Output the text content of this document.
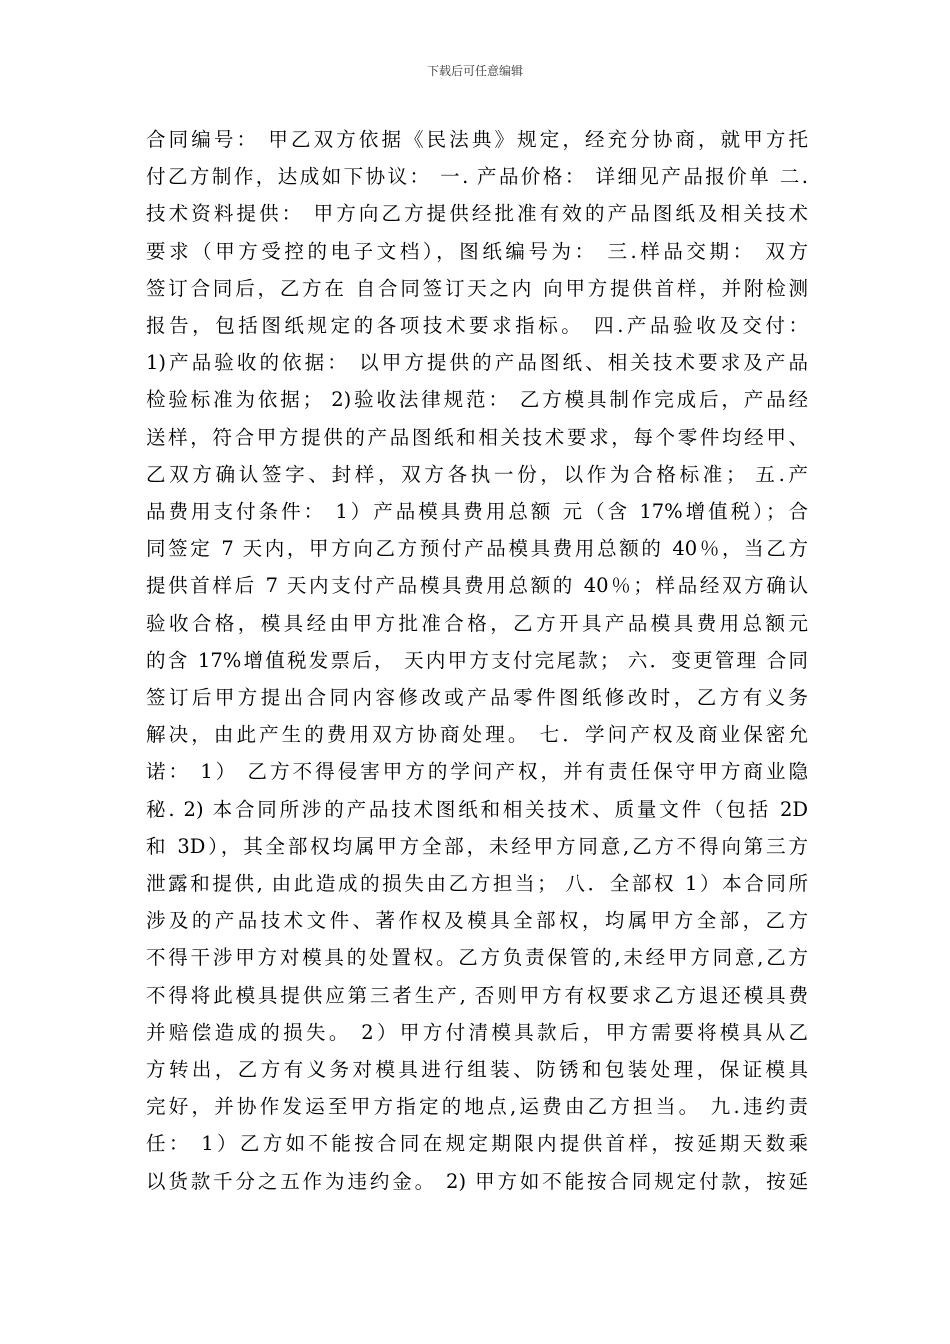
下载后可任意编辑
合同编号： 甲乙双方依据《民法典》规定，经充分协商，就甲方托
付乙方制作，达成如下协议： 一. 产品价格： 详细见产品报价单 二.
技术资料提供： 甲方向乙方提供经批准有效的产品图纸及相关技术
要求（甲方受控的电子文档），图纸编号为： 三.样品交期： 双方
签订合同后，乙方在 自合同签订天之内 向甲方提供首样，并附检测
报告，包括图纸规定的各项技术要求指标。 四.产品验收及交付：
1)产品验收的依据： 以甲方提供的产品图纸、相关技术要求及产品
检验标准为依据； 2)验收法律规范： 乙方模具制作完成后，产品经
送样，符合甲方提供的产品图纸和相关技术要求，每个零件均经甲、
乙双方确认签字、封样，双方各执一份，以作为合格标准； 五.产
品费用支付条件： 1）产品模具费用总额 元（含 17%增值税）；合
同签定 7 天内，甲方向乙方预付产品模具费用总额的 40％，当乙方
提供首样后 7 天内支付产品模具费用总额的 40％；样品经双方确认
验收合格，模具经由甲方批准合格，乙方开具产品模具费用总额元
的含 17%增值税发票后， 天内甲方支付完尾款； 六．变更管理 合同
签订后甲方提出合同内容修改或产品零件图纸修改时，乙方有义务
解决，由此产生的费用双方协商处理。 七．学问产权及商业保密允
诺： 1） 乙方不得侵害甲方的学问产权，并有责任保守甲方商业隐
秘. 2) 本合同所涉的产品技术图纸和相关技术、质量文件（包括 2D
和 3D），其全部权均属甲方全部，未经甲方同意,乙方不得向第三方
泄露和提供, 由此造成的损失由乙方担当； 八．全部权 1）本合同所
涉及的产品技术文件、著作权及模具全部权，均属甲方全部，乙方
不得干涉甲方对模具的处置权。乙方负责保管的,未经甲方同意,乙方
不得将此模具提供应第三者生产, 否则甲方有权要求乙方退还模具费
并赔偿造成的损失。 2）甲方付清模具款后，甲方需要将模具从乙
方转出，乙方有义务对模具进行组装、防锈和包装处理，保证模具
完好，并协作发运至甲方指定的地点,运费由乙方担当。 九.违约责
任： 1）乙方如不能按合同在规定期限内提供首样，按延期天数乘
以货款千分之五作为违约金。 2) 甲方如不能按合同规定付款，按延
